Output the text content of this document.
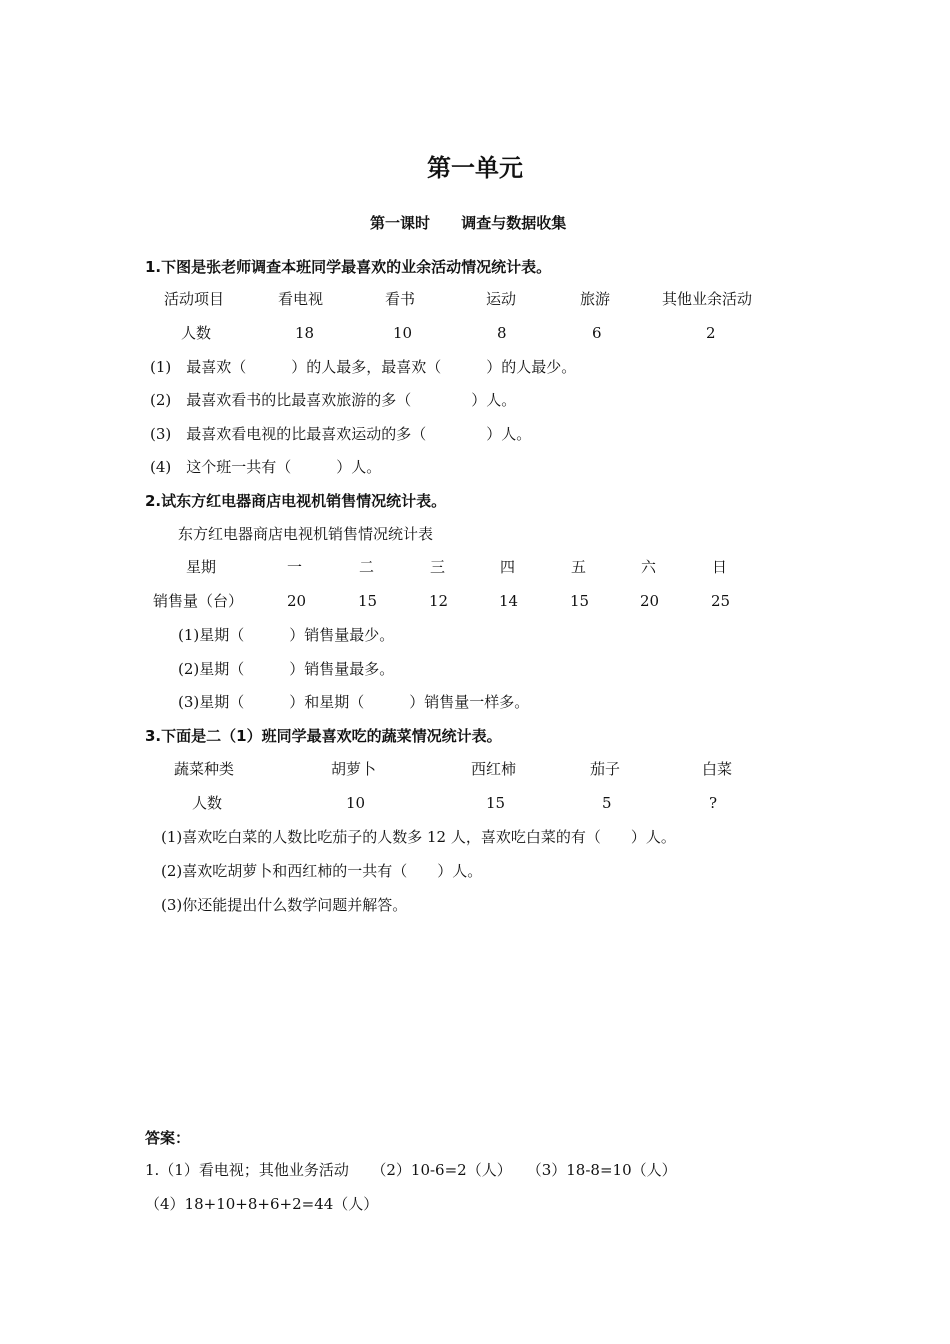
第一单元
第一课时 调查与数据收集
1.下图是张老师调查本班同学最喜欢的业余活动情况统计表。
活动项目	看电视	看书	运动	旅游	其他业余活动
人数	18	10	8	6	2
(1)　最喜欢（　　　）的人最多，最喜欢（　　　）的人最少。
(2)　最喜欢看书的比最喜欢旅游的多（　　　　）人。
(3)　最喜欢看电视的比最喜欢运动的多（　　　　）人。
(4)　这个班一共有（　　　）人。
2.试东方红电器商店电视机销售情况统计表。
东方红电器商店电视机销售情况统计表
星期	一	二	三	四	五	六	日
销售量（台）	20	15	12	14	15	20	25
(1)星期（　　　）销售量最少。
(2)星期（　　　）销售量最多。
(3)星期（　　　）和星期（　　　）销售量一样多。
3.下面是二（1）班同学最喜欢吃的蔬菜情况统计表。
蔬菜种类	胡萝卜	西红柿	茄子	白菜
人数	10	15	5	?
(1)喜欢吃白菜的人数比吃茄子的人数多 12 人，喜欢吃白菜的有（　　）人。
(2)喜欢吃胡萝卜和西红柿的一共有（　　）人。
(3)你还能提出什么数学问题并解答。
答案：
1.（1）看电视；其他业务活动　　（2）10-6=2（人）　　（3）18-8=10（人）
（4）18+10+8+6+2=44（人）
